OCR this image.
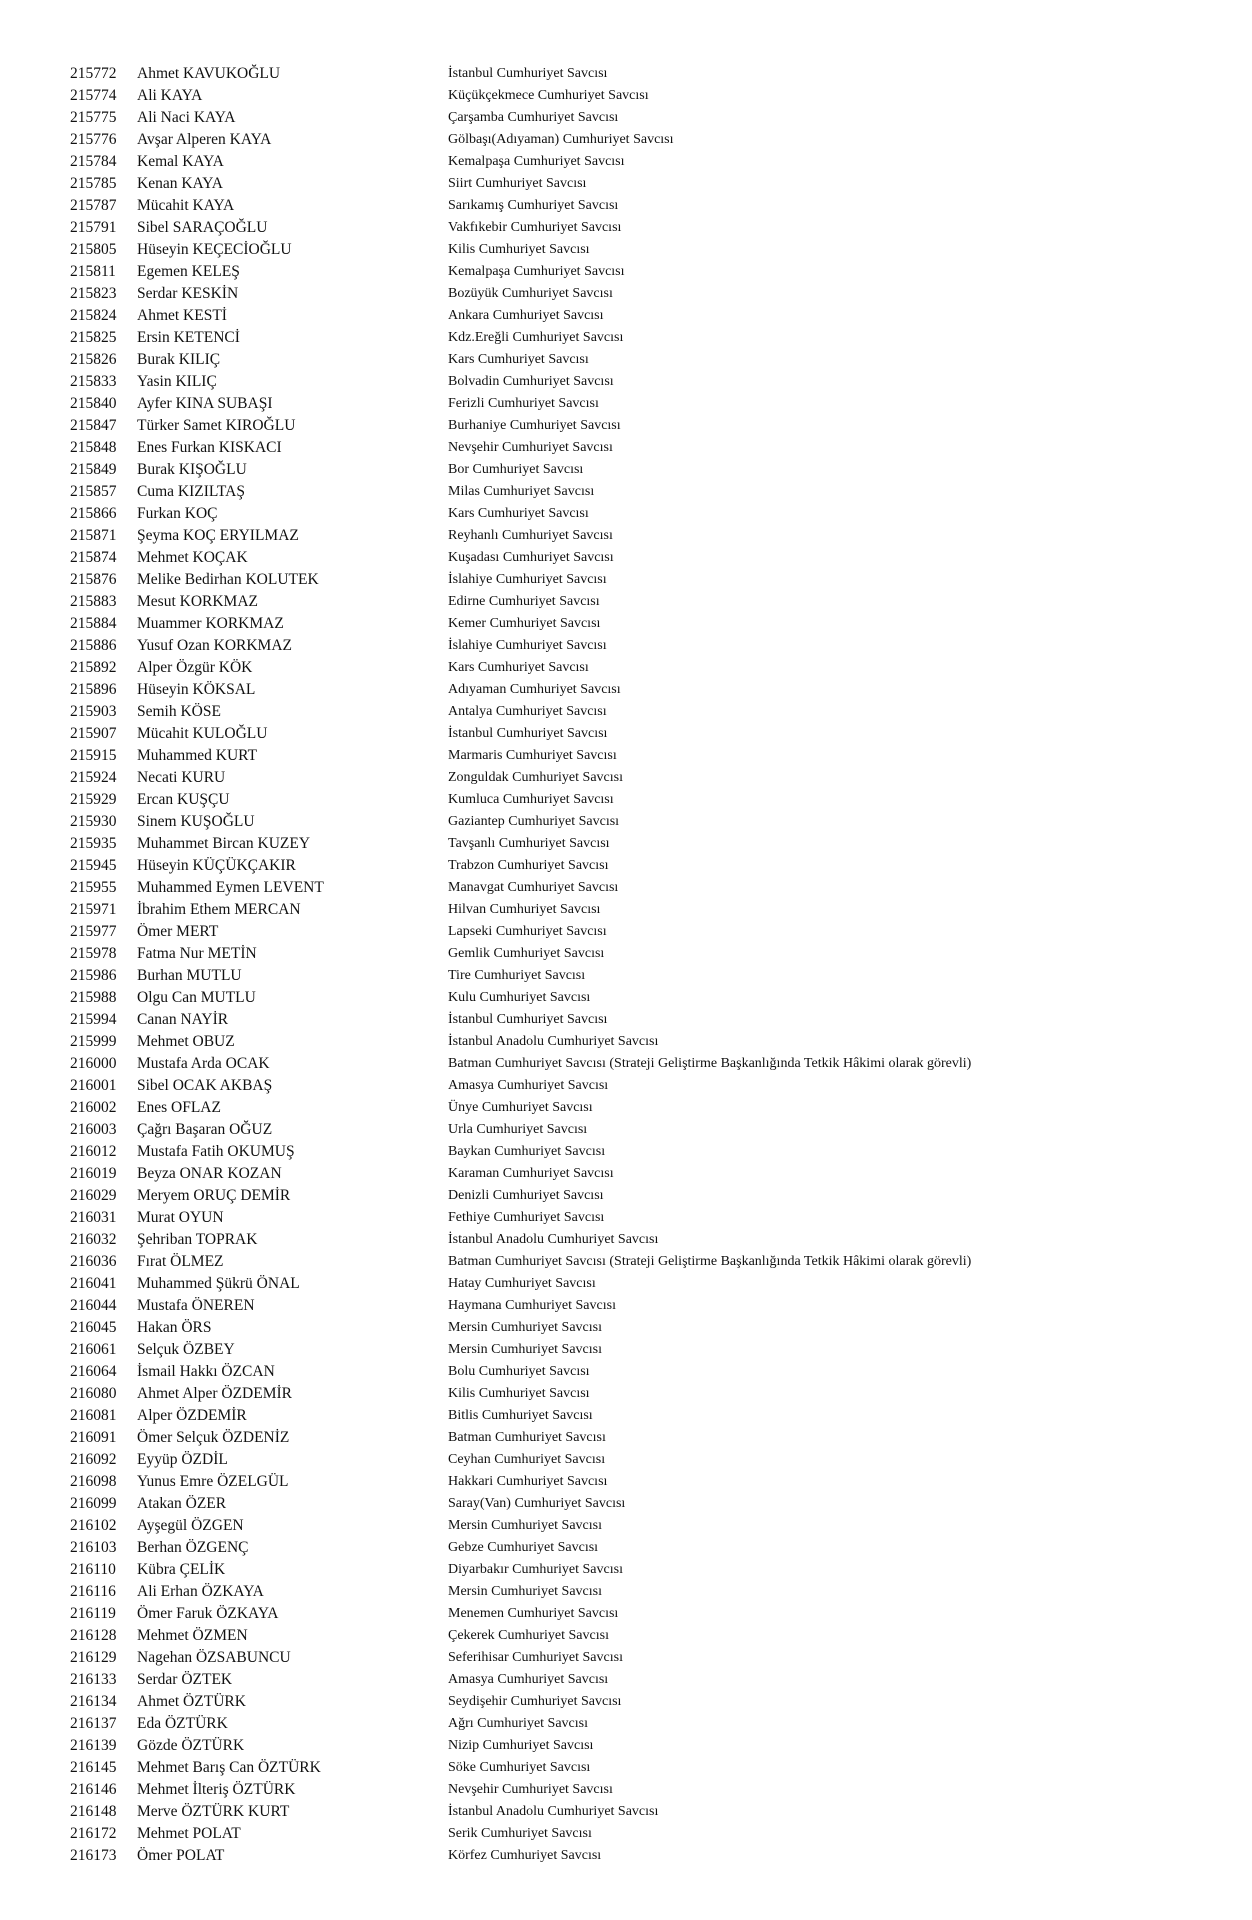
215772	Ahmet KAVUKOĞLU	İstanbul Cumhuriyet Savcısı
215774	Ali KAYA	Küçükçekmece Cumhuriyet Savcısı
215775	Ali Naci KAYA	Çarşamba Cumhuriyet Savcısı
215776	Avşar Alperen KAYA	Gölbaşı(Adıyaman) Cumhuriyet Savcısı
215784	Kemal KAYA	Kemalpaşa Cumhuriyet Savcısı
215785	Kenan KAYA	Siirt Cumhuriyet Savcısı
215787	Mücahit KAYA	Sarıkamış Cumhuriyet Savcısı
215791	Sibel SARAÇOĞLU	Vakfıkebir Cumhuriyet Savcısı
215805	Hüseyin KEÇECİOĞLU	Kilis Cumhuriyet Savcısı
215811	Egemen KELEŞ	Kemalpaşa Cumhuriyet Savcısı
215823	Serdar KESKİN	Bozüyük Cumhuriyet Savcısı
215824	Ahmet KESTİ	Ankara Cumhuriyet Savcısı
215825	Ersin KETENCİ	Kdz.Ereğli Cumhuriyet Savcısı
215826	Burak KILIÇ	Kars Cumhuriyet Savcısı
215833	Yasin KILIÇ	Bolvadin Cumhuriyet Savcısı
215840	Ayfer KINA SUBAŞI	Ferizli Cumhuriyet Savcısı
215847	Türker Samet KIROĞLU	Burhaniye Cumhuriyet Savcısı
215848	Enes Furkan KISKACI	Nevşehir Cumhuriyet Savcısı
215849	Burak KIŞOĞLU	Bor Cumhuriyet Savcısı
215857	Cuma KIZILTAŞ	Milas Cumhuriyet Savcısı
215866	Furkan KOÇ	Kars Cumhuriyet Savcısı
215871	Şeyma KOÇ ERYILMAZ	Reyhanlı Cumhuriyet Savcısı
215874	Mehmet KOÇAK	Kuşadası Cumhuriyet Savcısı
215876	Melike Bedirhan KOLUTEK	İslahiye Cumhuriyet Savcısı
215883	Mesut KORKMAZ	Edirne Cumhuriyet Savcısı
215884	Muammer KORKMAZ	Kemer Cumhuriyet Savcısı
215886	Yusuf Ozan KORKMAZ	İslahiye Cumhuriyet Savcısı
215892	Alper Özgür KÖK	Kars Cumhuriyet Savcısı
215896	Hüseyin KÖKSAL	Adıyaman Cumhuriyet Savcısı
215903	Semih KÖSE	Antalya Cumhuriyet Savcısı
215907	Mücahit KULOĞLU	İstanbul Cumhuriyet Savcısı
215915	Muhammed KURT	Marmaris Cumhuriyet Savcısı
215924	Necati KURU	Zonguldak Cumhuriyet Savcısı
215929	Ercan KUŞÇU	Kumluca Cumhuriyet Savcısı
215930	Sinem KUŞOĞLU	Gaziantep Cumhuriyet Savcısı
215935	Muhammet Bircan KUZEY	Tavşanlı Cumhuriyet Savcısı
215945	Hüseyin KÜÇÜKÇAKIR	Trabzon Cumhuriyet Savcısı
215955	Muhammed Eymen LEVENT	Manavgat Cumhuriyet Savcısı
215971	İbrahim Ethem MERCAN	Hilvan Cumhuriyet Savcısı
215977	Ömer MERT	Lapseki Cumhuriyet Savcısı
215978	Fatma Nur METİN	Gemlik Cumhuriyet Savcısı
215986	Burhan MUTLU	Tire Cumhuriyet Savcısı
215988	Olgu Can MUTLU	Kulu Cumhuriyet Savcısı
215994	Canan NAYİR	İstanbul Cumhuriyet Savcısı
215999	Mehmet OBUZ	İstanbul Anadolu Cumhuriyet Savcısı
216000	Mustafa Arda OCAK	Batman Cumhuriyet Savcısı (Strateji Geliştirme Başkanlığında Tetkik Hâkimi olarak görevli)
216001	Sibel OCAK AKBAŞ	Amasya Cumhuriyet Savcısı
216002	Enes OFLAZ	Ünye Cumhuriyet Savcısı
216003	Çağrı Başaran OĞUZ	Urla Cumhuriyet Savcısı
216012	Mustafa Fatih OKUMUŞ	Baykan Cumhuriyet Savcısı
216019	Beyza ONAR KOZAN	Karaman Cumhuriyet Savcısı
216029	Meryem ORUÇ DEMİR	Denizli Cumhuriyet Savcısı
216031	Murat OYUN	Fethiye Cumhuriyet Savcısı
216032	Şehriban TOPRAK	İstanbul Anadolu Cumhuriyet Savcısı
216036	Fırat ÖLMEZ	Batman Cumhuriyet Savcısı (Strateji Geliştirme Başkanlığında Tetkik Hâkimi olarak görevli)
216041	Muhammed Şükrü ÖNAL	Hatay Cumhuriyet Savcısı
216044	Mustafa ÖNEREN	Haymana Cumhuriyet Savcısı
216045	Hakan ÖRS	Mersin Cumhuriyet Savcısı
216061	Selçuk ÖZBEY	Mersin Cumhuriyet Savcısı
216064	İsmail Hakkı ÖZCAN	Bolu Cumhuriyet Savcısı
216080	Ahmet Alper ÖZDEMİR	Kilis Cumhuriyet Savcısı
216081	Alper ÖZDEMİR	Bitlis Cumhuriyet Savcısı
216091	Ömer Selçuk ÖZDENİZ	Batman Cumhuriyet Savcısı
216092	Eyyüp ÖZDİL	Ceyhan Cumhuriyet Savcısı
216098	Yunus Emre ÖZELGÜL	Hakkari Cumhuriyet Savcısı
216099	Atakan ÖZER	Saray(Van) Cumhuriyet Savcısı
216102	Ayşegül ÖZGEN	Mersin Cumhuriyet Savcısı
216103	Berhan ÖZGENÇ	Gebze Cumhuriyet Savcısı
216110	Kübra ÇELİK	Diyarbakır Cumhuriyet Savcısı
216116	Ali Erhan ÖZKAYA	Mersin Cumhuriyet Savcısı
216119	Ömer Faruk ÖZKAYA	Menemen Cumhuriyet Savcısı
216128	Mehmet ÖZMEN	Çekerek Cumhuriyet Savcısı
216129	Nagehan ÖZSABUNCU	Seferihisar Cumhuriyet Savcısı
216133	Serdar ÖZTEK	Amasya Cumhuriyet Savcısı
216134	Ahmet ÖZTÜRK	Seydişehir Cumhuriyet Savcısı
216137	Eda ÖZTÜRK	Ağrı Cumhuriyet Savcısı
216139	Gözde ÖZTÜRK	Nizip Cumhuriyet Savcısı
216145	Mehmet Barış Can ÖZTÜRK	Söke Cumhuriyet Savcısı
216146	Mehmet İlteriş ÖZTÜRK	Nevşehir Cumhuriyet Savcısı
216148	Merve ÖZTÜRK KURT	İstanbul Anadolu Cumhuriyet Savcısı
216172	Mehmet POLAT	Serik Cumhuriyet Savcısı
216173	Ömer POLAT	Körfez Cumhuriyet Savcısı
